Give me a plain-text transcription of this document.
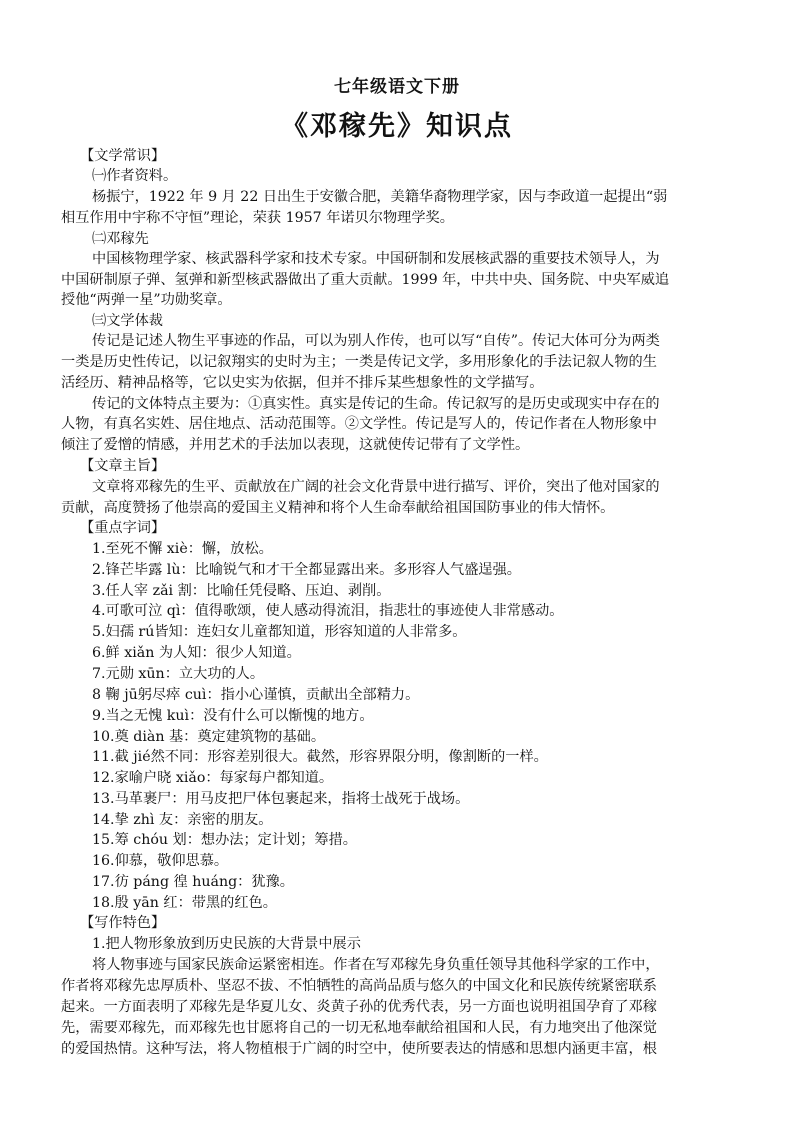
七年级语文下册
《邓稼先》知识点
【文学常识】
㈠作者资料。
杨振宁，1922 年 9 月 22 日出生于安徽合肥，美籍华裔物理学家，因与李政道一起提出“弱
相互作用中宇称不守恒”理论，荣获 1957 年诺贝尔物理学奖。
㈡邓稼先
中国核物理学家、核武器科学家和技术专家。中国研制和发展核武器的重要技术领导人，为
中国研制原子弹、氢弹和新型核武器做出了重大贡献。1999 年，中共中央、国务院、中央军威追
授他“两弹一星”功勋奖章。
㈢文学体裁
传记是记述人物生平事迹的作品，可以为别人作传，也可以写“自传”。传记大体可分为两类
一类是历史性传记，以记叙翔实的史时为主；一类是传记文学，多用形象化的手法记叙人物的生
活经历、精神品格等，它以史实为依据，但并不排斥某些想象性的文学描写。
传记的文体特点主要为：①真实性。真实是传记的生命。传记叙写的是历史或现实中存在的
人物，有真名实姓、居住地点、活动范围等。②文学性。传记是写人的，传记作者在人物形象中
倾注了爱憎的情感，并用艺术的手法加以表现，这就使传记带有了文学性。
【文章主旨】
文章将邓稼先的生平、贡献放在广阔的社会文化背景中进行描写、评价，突出了他对国家的
贡献，高度赞扬了他崇高的爱国主义精神和将个人生命奉献给祖国国防事业的伟大情怀。
【重点字词】
1.至死不懈 xiè：懈，放松。
2.锋芒毕露 lù：比喻锐气和才干全都显露出来。多形容人气盛逞强。
3.任人宰 zǎi 割：比喻任凭侵略、压迫、剥削。
4.可歌可泣 qì：值得歌颂，使人感动得流泪，指悲壮的事迹使人非常感动。
5.妇孺 rú皆知：连妇女儿童都知道，形容知道的人非常多。
6.鲜 xiǎn 为人知：很少人知道。
7.元勋 xūn：立大功的人。
8 鞠 jū躬尽瘁 cuì：指小心谨慎，贡献出全部精力。
9.当之无愧 kuì：没有什么可以惭愧的地方。
10.奠 diàn 基：奠定建筑物的基础。
11.截 jié然不同：形容差别很大。截然，形容界限分明，像割断的一样。
12.家喻户晓 xiǎo：每家每户都知道。
13.马革裹尸：用马皮把尸体包裹起来，指将士战死于战场。
14.挚 zhì 友：亲密的朋友。
15.筹 chóu 划：想办法；定计划；筹措。
16.仰慕，敬仰思慕。
17.彷 páng 徨 huáng：犹豫。
18.殷 yān 红：带黑的红色。
【写作特色】
1.把人物形象放到历史民族的大背景中展示
将人物事迹与国家民族命运紧密相连。作者在写邓稼先身负重任领导其他科学家的工作中，
作者将邓稼先忠厚质朴、坚忍不拔、不怕牺牲的高尚品质与悠久的中国文化和民族传统紧密联系
起来。一方面表明了邓稼先是华夏儿女、炎黄子孙的优秀代表，另一方面也说明祖国孕育了邓稼
先，需要邓稼先，而邓稼先也甘愿将自己的一切无私地奉献给祖国和人民，有力地突出了他深觉
的爱国热情。这种写法，将人物植根于广阔的时空中，使所要表达的情感和思想内涵更丰富，根
